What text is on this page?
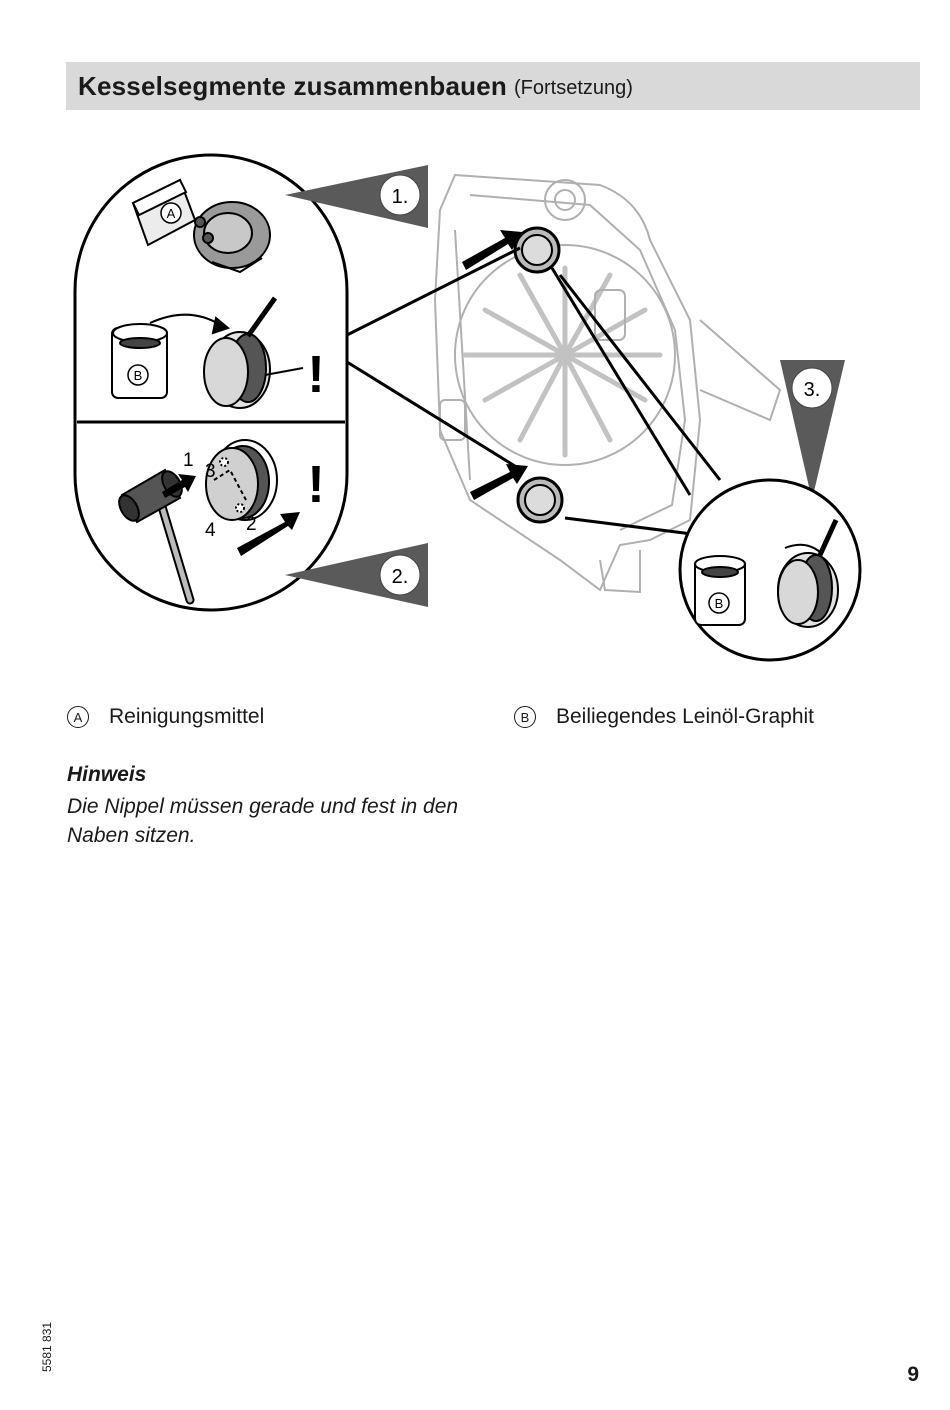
Kesselsegmente zusammenbauen (Fortsetzung)
1.
2.
3.
A
B	!
1
2
3
4
!
B
A	Reinigungsmittel	B	Beiliegendes Leinöl-Graphit
Hinweis
Die Nippel müssen gerade und fest in den Naben sitzen.
5581 831
9
